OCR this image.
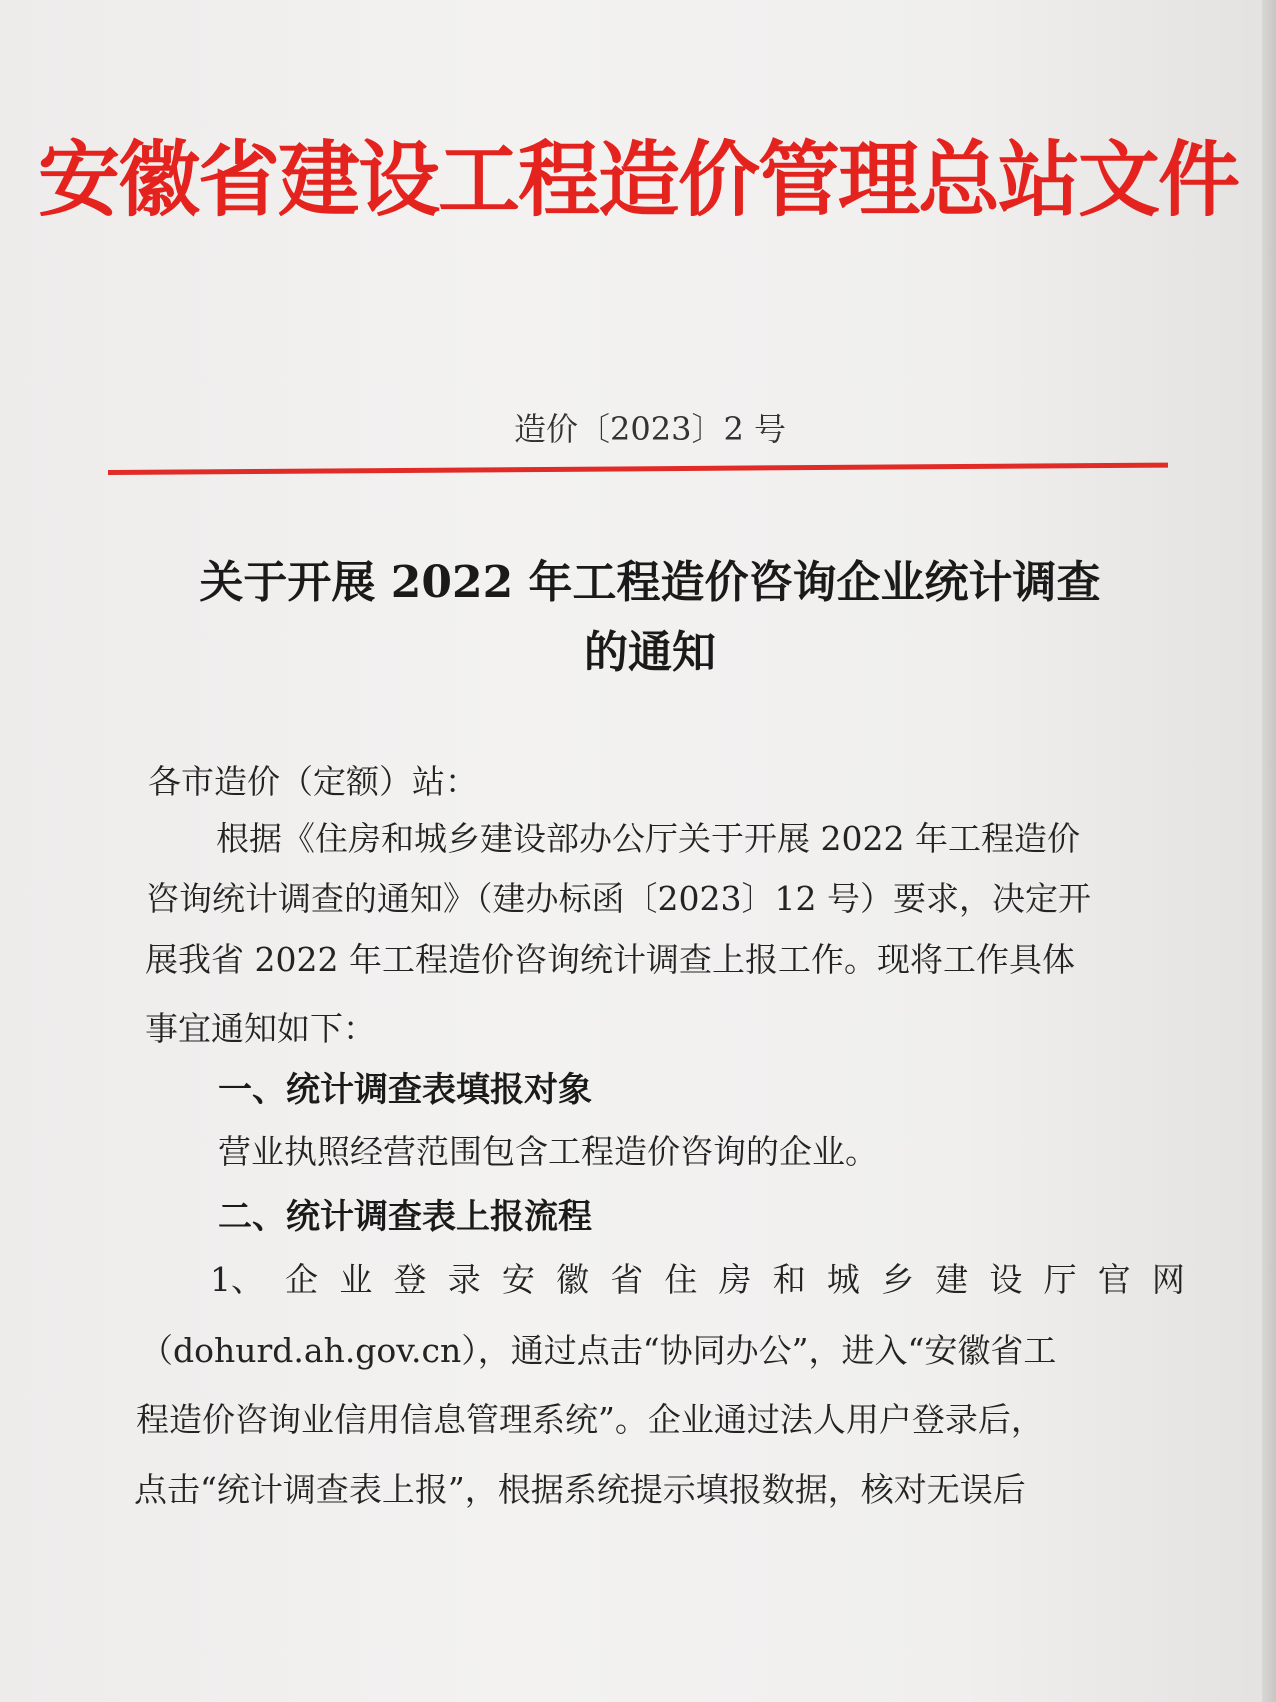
安徽省建设工程造价管理总站文件
造价〔2023〕2 号
关于开展 2022 年工程造价咨询企业统计调查
的通知
各市造价（定额）站：
根据《住房和城乡建设部办公厅关于开展 2022 年工程造价
咨询统计调查的通知》（建办标函〔2023〕12 号）要求，决定开
展我省 2022 年工程造价咨询统计调查上报工作。现将工作具体
事宜通知如下：
一、统计调查表填报对象
营业执照经营范围包含工程造价咨询的企业。
二、统计调查表上报流程
1、 企 业 登 录 安 徽 省 住 房 和 城 乡 建 设 厅 官 网
（dohurd.ah.gov.cn），通过点击“协同办公”，进入“安徽省工
程造价咨询业信用信息管理系统”。企业通过法人用户登录后，
点击“统计调查表上报”，根据系统提示填报数据，核对无误后
